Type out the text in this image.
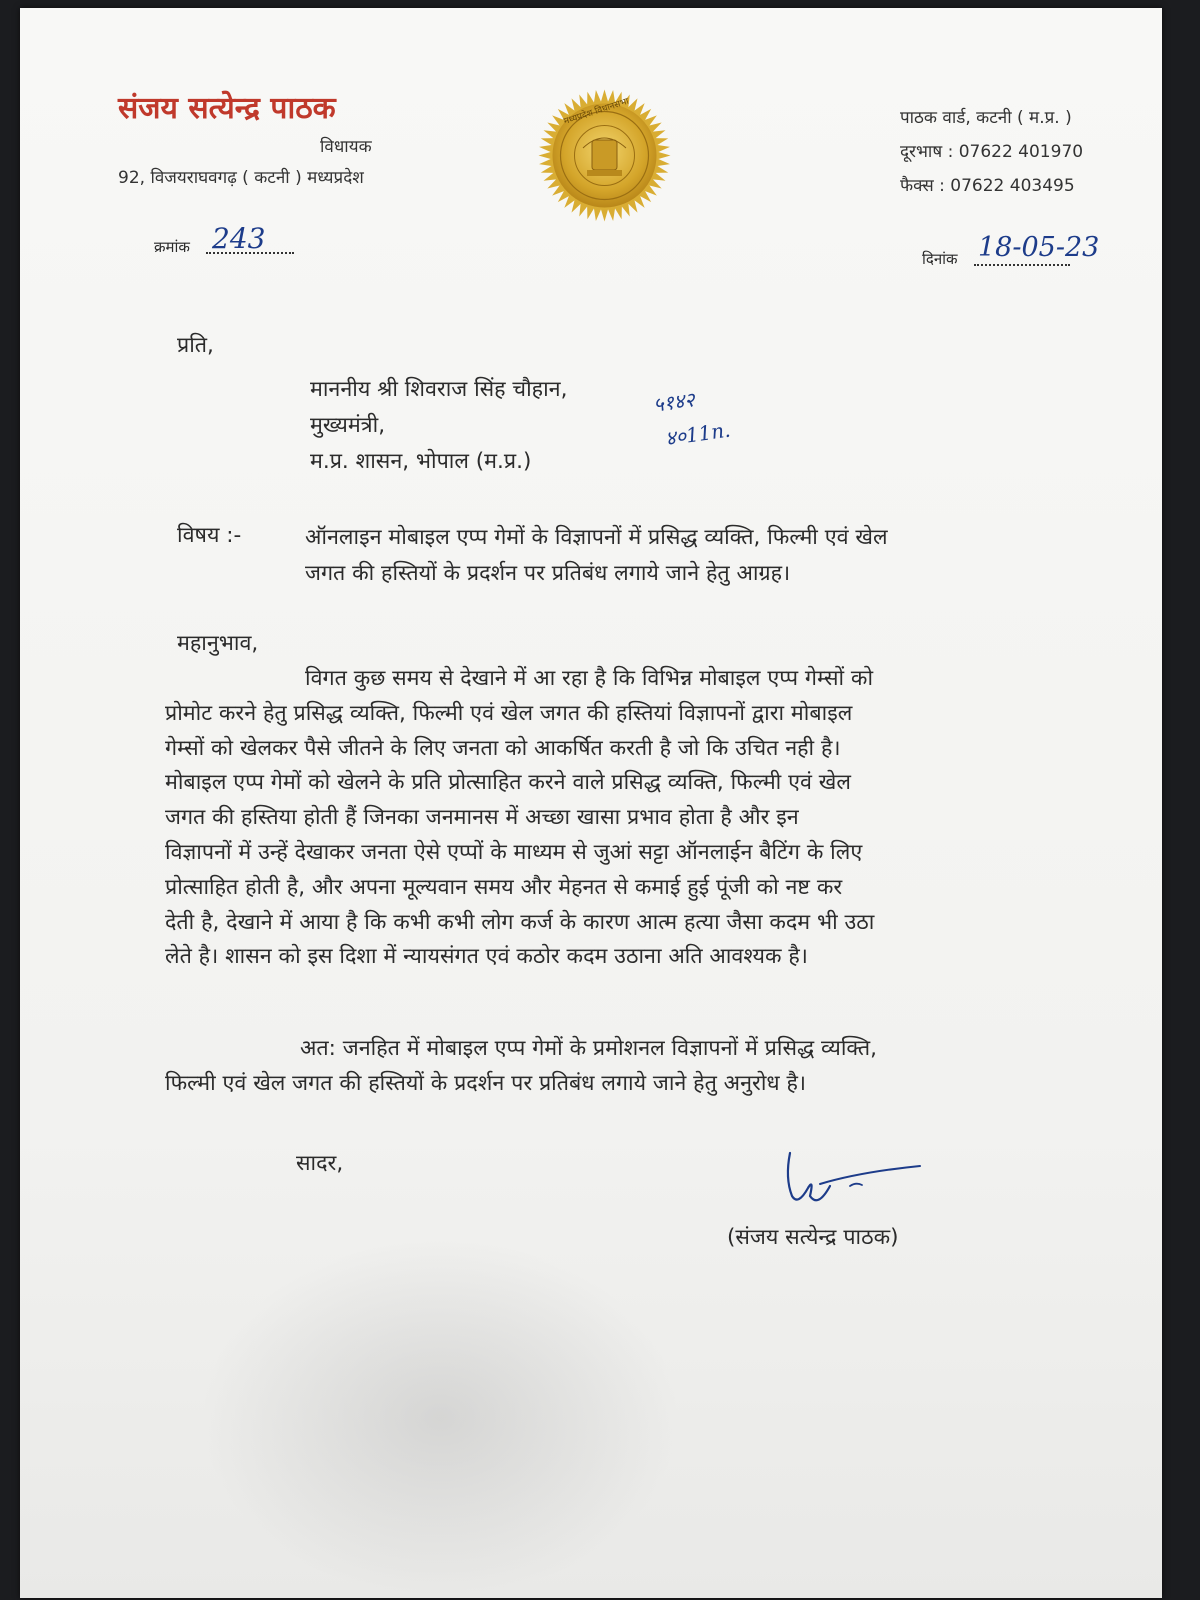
संजय सत्येन्द्र पाठक
विधायक
92, विजयराघवगढ़ ( कटनी ) मध्यप्रदेश
मध्यप्रदेश विधानसभा	पाठक वार्ड, कटनी ( म.प्र. )
दूरभाष : 07622 401970
फैक्स : 07622 403495
क्रमांक 243
दिनांक 18-05-23
प्रति,
माननीय श्री शिवराज सिंह चौहान,
मुख्यमंत्री,
म.प्र. शासन, भोपाल (म.प्र.)
५१४२
४०11n.
विषय :-	ऑनलाइन मोबाइल एप्प गेमों के विज्ञापनों में प्रसिद्ध व्यक्ति, फिल्मी एवं खेल
जगत की हस्तियों के प्रदर्शन पर प्रतिबंध लगाये जाने हेतु आग्रह।
महानुभाव,
विगत कुछ समय से देखाने में आ रहा है कि विभिन्न मोबाइल एप्प गेम्सों को
प्रोमोट करने हेतु प्रसिद्ध व्यक्ति, फिल्मी एवं खेल जगत की हस्तियां विज्ञापनों द्वारा मोबाइल
गेम्सों को खेलकर पैसे जीतने के लिए जनता को आकर्षित करती है जो कि उचित नही है।
मोबाइल एप्प गेमों को खेलने के प्रति प्रोत्साहित करने वाले प्रसिद्ध व्यक्ति, फिल्मी एवं खेल
जगत की हस्तिया होती हैं जिनका जनमानस में अच्छा खासा प्रभाव होता है और इन
विज्ञापनों में उन्हें देखाकर जनता ऐसे एप्पों के माध्यम से जुआं सट्टा ऑनलाईन बैटिंग के लिए
प्रोत्साहित होती है, और अपना मूल्यवान समय और मेहनत से कमाई हुई पूंजी को नष्ट कर
देती है, देखाने में आया है कि कभी कभी लोग कर्ज के कारण आत्म हत्या जैसा कदम भी उठा
लेते है। शासन को इस दिशा में न्यायसंगत एवं कठोर कदम उठाना अति आवश्यक है।
अत: जनहित में मोबाइल एप्प गेमों के प्रमोशनल विज्ञापनों में प्रसिद्ध व्यक्ति,
फिल्मी एवं खेल जगत की हस्तियों के प्रदर्शन पर प्रतिबंध लगाये जाने हेतु अनुरोध है।
सादर,
(संजय सत्येन्द्र पाठक)
